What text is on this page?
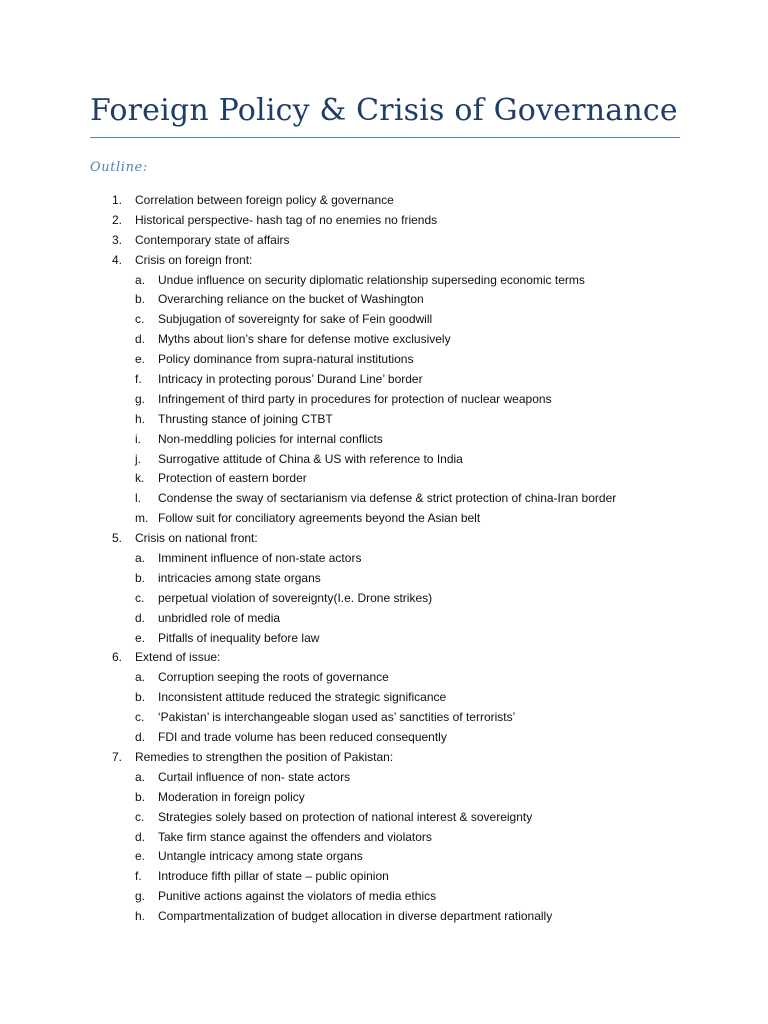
Foreign Policy & Crisis of Governance
Outline:
1.	Correlation between foreign policy & governance
2.	Historical perspective- hash tag of no enemies no friends
3.	Contemporary state of affairs
4.	Crisis on foreign front:
a.	Undue influence on security diplomatic relationship superseding economic terms
b.	Overarching reliance on the bucket of Washington
c.	Subjugation of sovereignty for sake of Fein goodwill
d.	Myths about lion’s share for defense motive exclusively
e.	Policy dominance from supra-natural institutions
f.	Intricacy in protecting porous’ Durand Line’ border
g.	Infringement of third party in procedures for protection of nuclear weapons
h.	Thrusting stance of joining CTBT
i.	Non-meddling policies for internal conflicts
j.	Surrogative attitude of China & US with reference to India
k.	Protection of eastern border
l.	Condense the sway of sectarianism via defense & strict protection of china-Iran border
m. Follow suit for conciliatory agreements beyond the Asian belt
5.	Crisis on national front:
a.	Imminent influence of non-state actors
b.	intricacies among state organs
c.	perpetual violation of sovereignty(I.e. Drone strikes)
d.	unbridled role of media
e.	Pitfalls of inequality before law
6.	Extend of issue:
a.	Corruption seeping the roots of governance
b.	Inconsistent attitude reduced the strategic significance
c.	‘Pakistan’ is interchangeable slogan used as’ sanctities of terrorists’
d.	FDI and trade volume has been reduced consequently
7.	Remedies to strengthen the position of Pakistan:
a.	Curtail influence of non- state actors
b.	Moderation in foreign policy
c.	Strategies solely based on protection of national interest & sovereignty
d.	Take firm stance against the offenders and violators
e.	Untangle intricacy among state organs
f.	Introduce fifth pillar of state – public opinion
g.	Punitive actions against the violators of media ethics
h.	Compartmentalization of budget allocation in diverse department rationally
